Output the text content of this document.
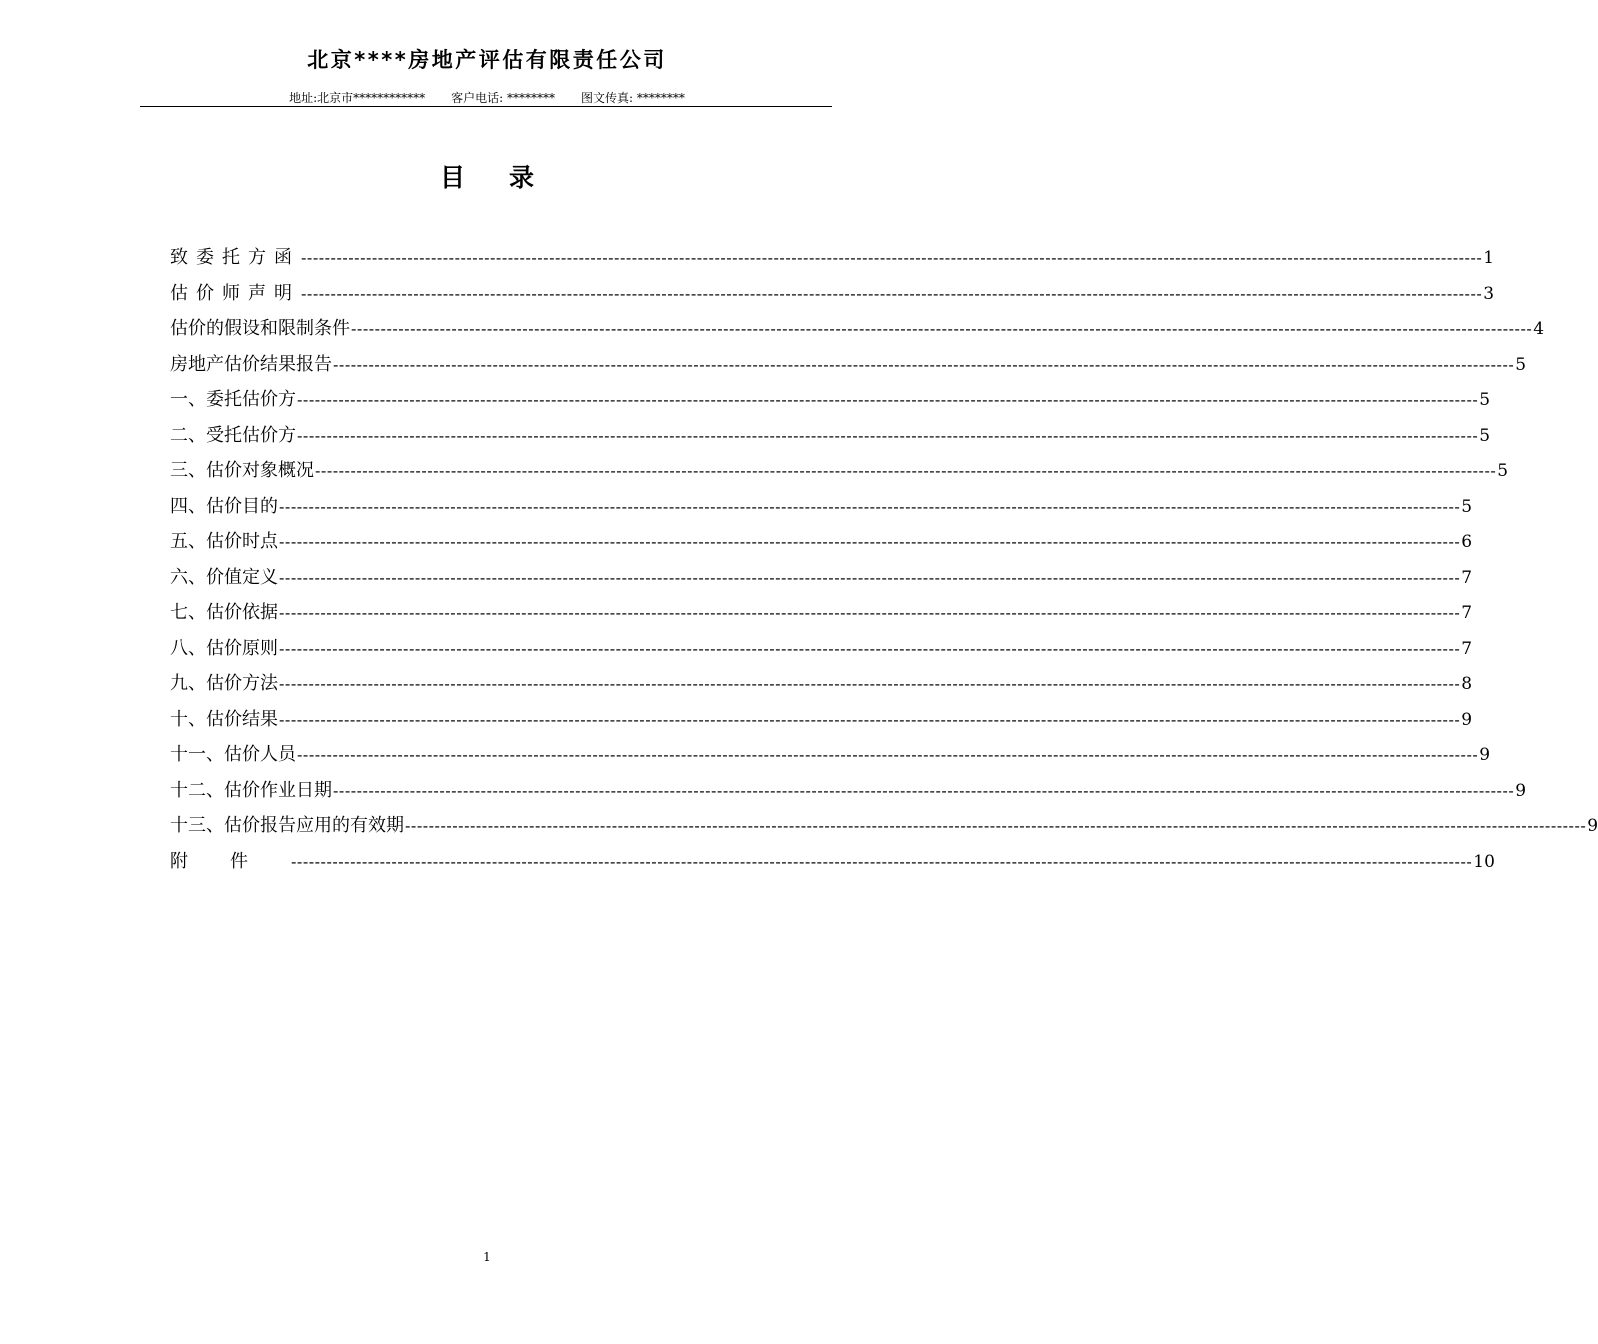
北京****房地产评估有限责任公司
地址:北京市************ 客户电话: ******** 图文传真: ********
目录
致委托方函 -------------------------------------------------------------------------------------------------------------------------------------------------------------------------------------------------------- 1
估价师声明 -------------------------------------------------------------------------------------------------------------------------------------------------------------------------------------------------------- 3
估价的假设和限制条件 -------------------------------------------------------------------------------------------------------------------------------------------------------------------------------------------------------- 4
房地产估价结果报告 -------------------------------------------------------------------------------------------------------------------------------------------------------------------------------------------------------- 5
一、委托估价方 -------------------------------------------------------------------------------------------------------------------------------------------------------------------------------------------------------- 5
二、受托估价方 -------------------------------------------------------------------------------------------------------------------------------------------------------------------------------------------------------- 5
三、估价对象概况 -------------------------------------------------------------------------------------------------------------------------------------------------------------------------------------------------------- 5
四、估价目的 -------------------------------------------------------------------------------------------------------------------------------------------------------------------------------------------------------- 5
五、估价时点 -------------------------------------------------------------------------------------------------------------------------------------------------------------------------------------------------------- 6
六、价值定义 -------------------------------------------------------------------------------------------------------------------------------------------------------------------------------------------------------- 7
七、估价依据 -------------------------------------------------------------------------------------------------------------------------------------------------------------------------------------------------------- 7
八、估价原则 -------------------------------------------------------------------------------------------------------------------------------------------------------------------------------------------------------- 7
九、估价方法 -------------------------------------------------------------------------------------------------------------------------------------------------------------------------------------------------------- 8
十、估价结果 -------------------------------------------------------------------------------------------------------------------------------------------------------------------------------------------------------- 9
十一、估价人员 -------------------------------------------------------------------------------------------------------------------------------------------------------------------------------------------------------- 9
十二、估价作业日期 -------------------------------------------------------------------------------------------------------------------------------------------------------------------------------------------------------- 9
十三、估价报告应用的有效期 -------------------------------------------------------------------------------------------------------------------------------------------------------------------------------------------------------- 9
附件 -------------------------------------------------------------------------------------------------------------------------------------------------------------------------------------------------------- 10
1
